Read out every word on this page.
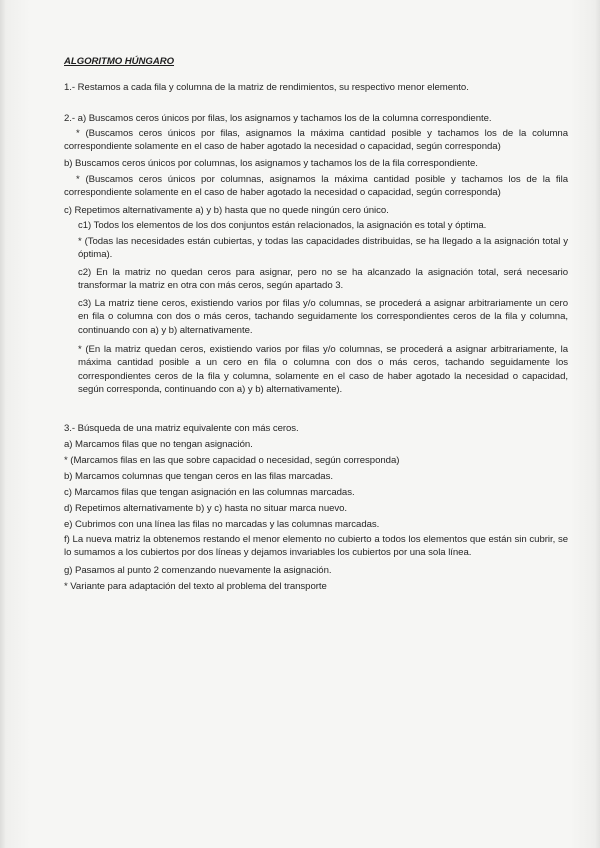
ALGORITMO HÚNGARO

1.- Restamos a cada fila y columna de la matriz de rendimientos, su respectivo menor elemento.

2.- a) Buscamos ceros únicos por filas, los asignamos y tachamos los de la columna correspondiente.

* (Buscamos ceros únicos por filas, asignamos la máxima cantidad posible y tachamos los de la columna correspondiente solamente en el caso de haber agotado la necesidad o capacidad, según corresponda)

b) Buscamos ceros únicos por columnas, los asignamos y tachamos los de la fila correspondiente.

* (Buscamos ceros únicos por columnas, asignamos la máxima cantidad posible y tachamos los de la fila correspondiente solamente en el caso de haber agotado la necesidad o capacidad, según corresponda)

c) Repetimos alternativamente a) y b) hasta que no quede ningún cero único.

c1) Todos los elementos de los dos conjuntos están relacionados, la asignación es total y óptima.

* (Todas las necesidades están cubiertas, y todas las capacidades distribuidas, se ha llegado a la asignación total y óptima).

c2) En la matriz no quedan ceros para asignar, pero no se ha alcanzado la asignación total, será necesario transformar la matriz en otra con más ceros, según apartado 3.

c3) La matriz tiene ceros, existiendo varios por filas y/o columnas, se procederá a asignar arbitrariamente un cero en fila o columna con dos o más ceros, tachando seguidamente los correspondientes ceros de la fila y columna, continuando con a) y b) alternativamente.

* (En la matriz quedan ceros, existiendo varios por filas y/o columnas, se procederá a asignar arbitrariamente, la máxima cantidad posible a un cero en fila o columna con dos o más ceros, tachando seguidamente los correspondientes ceros de la fila y columna, solamente en el caso de haber agotado la necesidad o capacidad, según corresponda, continuando con a) y b) alternativamente).

3.- Búsqueda de una matriz equivalente con más ceros.

a) Marcamos filas que no tengan asignación.

* (Marcamos filas en las que sobre capacidad o necesidad, según corresponda)

b) Marcamos columnas que tengan ceros en las filas marcadas.

c) Marcamos filas que tengan asignación en las columnas marcadas.

d) Repetimos alternativamente b) y c) hasta no situar marca nuevo.

e) Cubrimos con una línea las filas no marcadas y las columnas marcadas.

f) La nueva matriz la obtenemos restando el menor elemento no cubierto a todos los elementos que están sin cubrir, se lo sumamos a los cubiertos por dos líneas y dejamos invariables los cubiertos por una sola línea.

g) Pasamos al punto 2 comenzando nuevamente la asignación.

* Variante para adaptación del texto al problema del transporte
